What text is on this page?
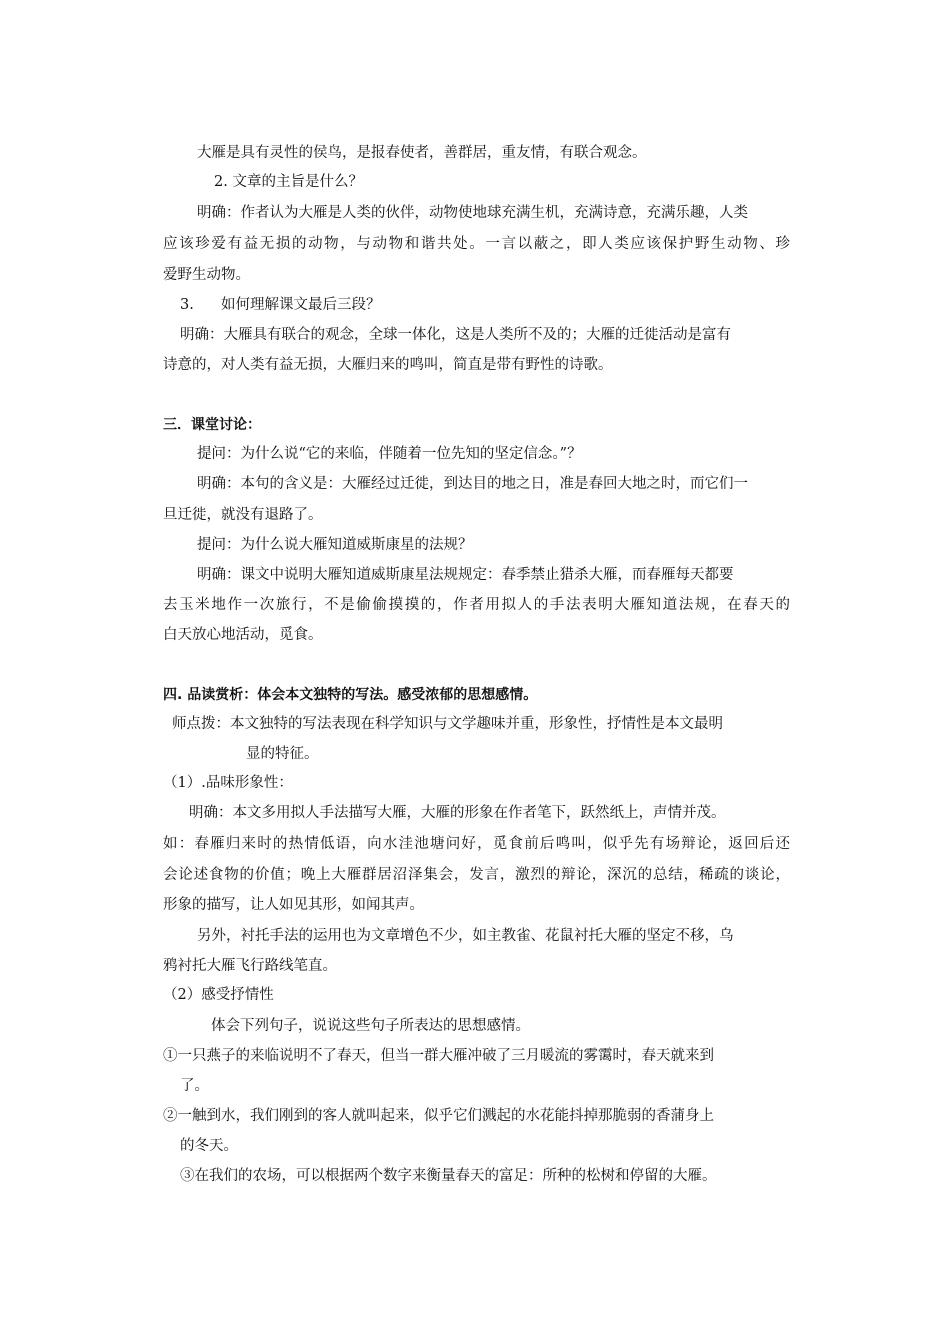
大雁是具有灵性的侯鸟，是报春使者，善群居，重友情，有联合观念。
2. 文章的主旨是什么？
明确：作者认为大雁是人类的伙伴，动物使地球充满生机，充满诗意，充满乐趣，人类
应该珍爱有益无损的动物，与动物和谐共处。一言以蔽之，即人类应该保护野生动物、珍
爱野生动物。
3. 如何理解课文最后三段？
明确：大雁具有联合的观念，全球一体化，这是人类所不及的；大雁的迁徙活动是富有
诗意的，对人类有益无损，大雁归来的鸣叫，简直是带有野性的诗歌。
三．课堂讨论：
提问：为什么说“它的来临，伴随着一位先知的坚定信念。”？
明确：本句的含义是：大雁经过迁徙，到达目的地之日，准是春回大地之时，而它们一
旦迁徙，就没有退路了。
提问：为什么说大雁知道威斯康星的法规？
明确：课文中说明大雁知道威斯康星法规规定：春季禁止猎杀大雁，而春雁每天都要
去玉米地作一次旅行，不是偷偷摸摸的，作者用拟人的手法表明大雁知道法规，在春天的
白天放心地活动，觅食。
四. 品读赏析：体会本文独特的写法。感受浓郁的思想感情。
师点拨：本文独特的写法表现在科学知识与文学趣味并重，形象性，抒情性是本文最明
显的特征。
（1）.品味形象性：
明确：本文多用拟人手法描写大雁，大雁的形象在作者笔下，跃然纸上，声情并茂。
如：春雁归来时的热情低语，向水洼池塘问好，觅食前后鸣叫，似乎先有场辩论，返回后还
会论述食物的价值；晚上大雁群居沼泽集会，发言，激烈的辩论，深沉的总结，稀疏的谈论，
形象的描写，让人如见其形，如闻其声。
另外，衬托手法的运用也为文章增色不少，如主教雀、花鼠衬托大雁的坚定不移，乌
鸦衬托大雁飞行路线笔直。
（2）感受抒情性
体会下列句子，说说这些句子所表达的思想感情。
①一只燕子的来临说明不了春天，但当一群大雁冲破了三月暖流的雾霭时，春天就来到
了。
②一触到水，我们刚到的客人就叫起来，似乎它们溅起的水花能抖掉那脆弱的香蒲身上
的冬天。
③在我们的农场，可以根据两个数字来衡量春天的富足：所种的松树和停留的大雁。
